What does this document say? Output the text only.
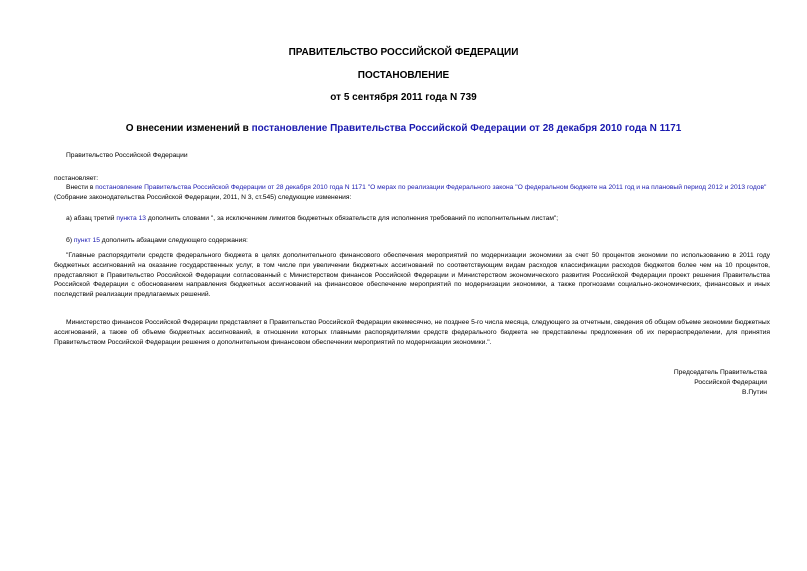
ПРАВИТЕЛЬСТВО РОССИЙСКОЙ ФЕДЕРАЦИИ
ПОСТАНОВЛЕНИЕ
от 5 сентября 2011 года N 739
О внесении изменений в постановление Правительства Российской Федерации от 28 декабря 2010 года N 1171
Правительство Российской Федерации
постановляет:
Внести в постановление Правительства Российской Федерации от 28 декабря 2010 года N 1171 "О мерах по реализации Федерального закона "О федеральном бюджете на 2011 год и на плановый период 2012 и 2013 годов" (Собрание законодательства Российской Федерации, 2011, N 3, ст.545) следующие изменения:
а) абзац третий пункта 13 дополнить словами ", за исключением лимитов бюджетных обязательств для исполнения требований по исполнительным листам";
б) пункт 15 дополнить абзацами следующего содержания:
"Главные распорядители средств федерального бюджета в целях дополнительного финансового обеспечения мероприятий по модернизации экономики за счет 50 процентов экономии по использованию в 2011 году бюджетных ассигнований на оказание государственных услуг, в том числе при увеличении бюджетных ассигнований по соответствующим видам расходов классификации расходов бюджетов более чем на 10 процентов, представляют в Правительство Российской Федерации согласованный с Министерством финансов Российской Федерации и Министерством экономического развития Российской Федерации проект решения Правительства Российской Федерации с обоснованием направления бюджетных ассигнований на финансовое обеспечение мероприятий по модернизации экономики, а также прогнозами социально-экономических, финансовых и иных последствий реализации предлагаемых решений.
Министерство финансов Российской Федерации представляет в Правительство Российской Федерации ежемесячно, не позднее 5-го числа месяца, следующего за отчетным, сведения об общем объеме экономии бюджетных ассигнований, а также об объеме бюджетных ассигнований, в отношении которых главными распорядителями средств федерального бюджета не представлены предложения об их перераспределении, для принятия Правительством Российской Федерации решения о дополнительном финансовом обеспечении мероприятий по модернизации экономики.".
Председатель Правительства
Российской Федерации
В.Путин
